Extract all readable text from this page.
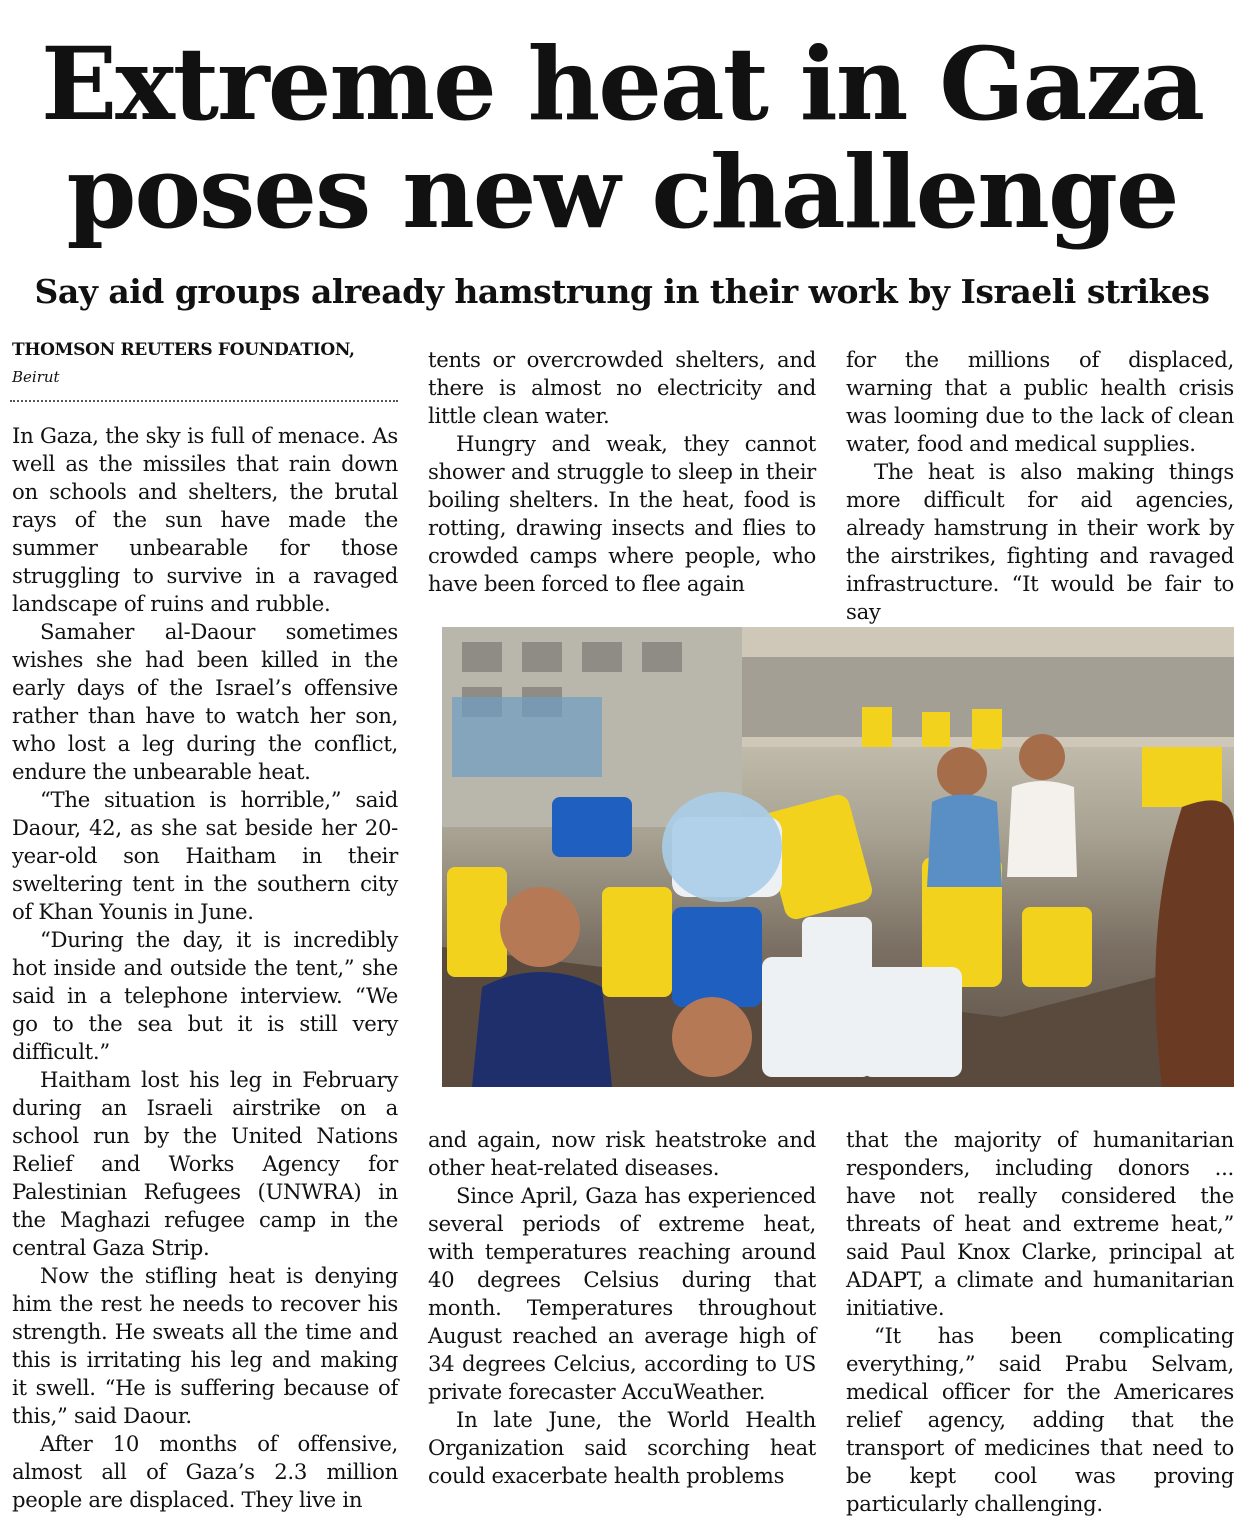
Extreme heat in Gaza
poses new challenge
Say aid groups already hamstrung in their work by Israeli strikes
THOMSON REUTERS FOUNDATION,
Beirut

In Gaza, the sky is full of menace. As well as the missiles that rain down on schools and shelters, the brutal rays of the sun have made the summer unbearable for those struggling to survive in a ravaged landscape of ruins and rubble.

Samaher al-Daour sometimes wishes she had been killed in the early days of the Israel’s offensive rather than have to watch her son, who lost a leg during the conflict, endure the unbearable heat.

“The situation is horrible,” said Daour, 42, as she sat beside her 20-year-old son Haitham in their sweltering tent in the southern city of Khan Younis in June.

“During the day, it is incredibly hot inside and outside the tent,” she said in a telephone interview. “We go to the sea but it is still very difficult.”

Haitham lost his leg in February during an Israeli airstrike on a school run by the United Nations Relief and Works Agency for Palestinian Refugees (UNWRA) in the Maghazi refugee camp in the central Gaza Strip.

Now the stifling heat is denying him the rest he needs to recover his strength. He sweats all the time and this is irritating his leg and making it swell. “He is suffering because of this,” said Daour.

After 10 months of offensive, almost all of Gaza’s 2.3 million people are displaced. They live in

tents or overcrowded shelters, and there is almost no electricity and little clean water.

Hungry and weak, they cannot shower and struggle to sleep in their boiling shelters. In the heat, food is rotting, drawing insects and flies to crowded camps where people, who have been forced to flee again

for the millions of displaced, warning that a public health crisis was looming due to the lack of clean water, food and medical supplies.

The heat is also making things more difficult for aid agencies, already hamstrung in their work by the airstrikes, fighting and ravaged infrastructure. “It would be fair to say

and again, now risk heatstroke and other heat-related diseases.

Since April, Gaza has experienced several periods of extreme heat, with temperatures reaching around 40 degrees Celsius during that month. Temperatures throughout August reached an average high of 34 degrees Celcius, according to US private forecaster AccuWeather.

In late June, the World Health Organization said scorching heat could exacerbate health problems

that the majority of humanitarian responders, including donors ... have not really considered the threats of heat and extreme heat,” said Paul Knox Clarke, principal at ADAPT, a climate and humanitarian initiative.

“It has been complicating everything,” said Prabu Selvam, medical officer for the Americares relief agency, adding that the transport of medicines that need to be kept cool was proving particularly challenging.
